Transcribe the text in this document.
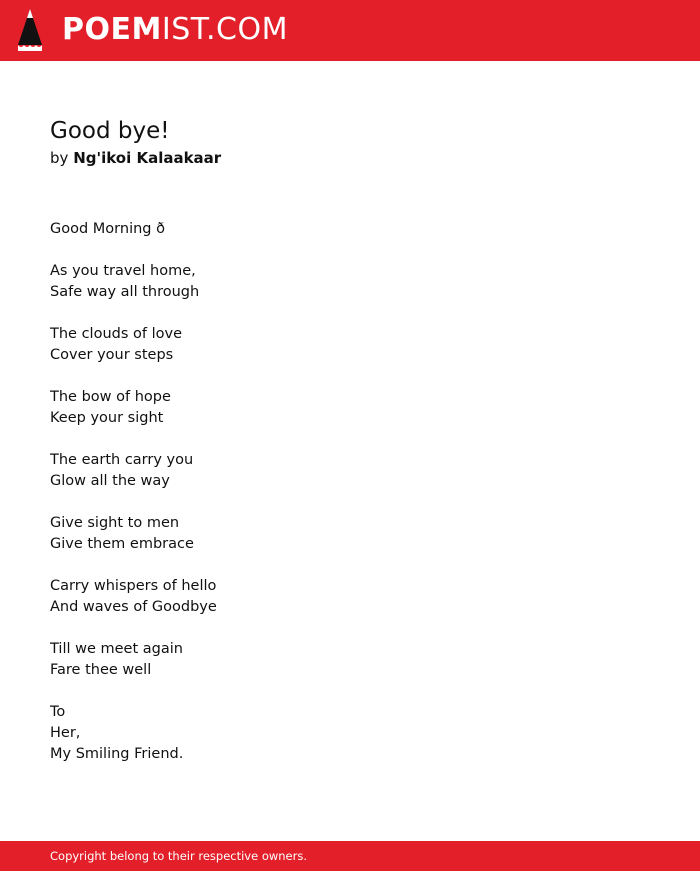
POEMIST.COM
Good bye!
by Ng'ikoi Kalaakaar
Good Morning ð
As you travel home,
Safe way all through
The clouds of love
Cover your steps
The bow of hope
Keep your sight
The earth carry you
Glow all the way
Give sight to men
Give them embrace
Carry whispers of hello
And waves of Goodbye
Till we meet again
Fare thee well
To
Her,
My Smiling Friend.
Copyright belong to their respective owners.
